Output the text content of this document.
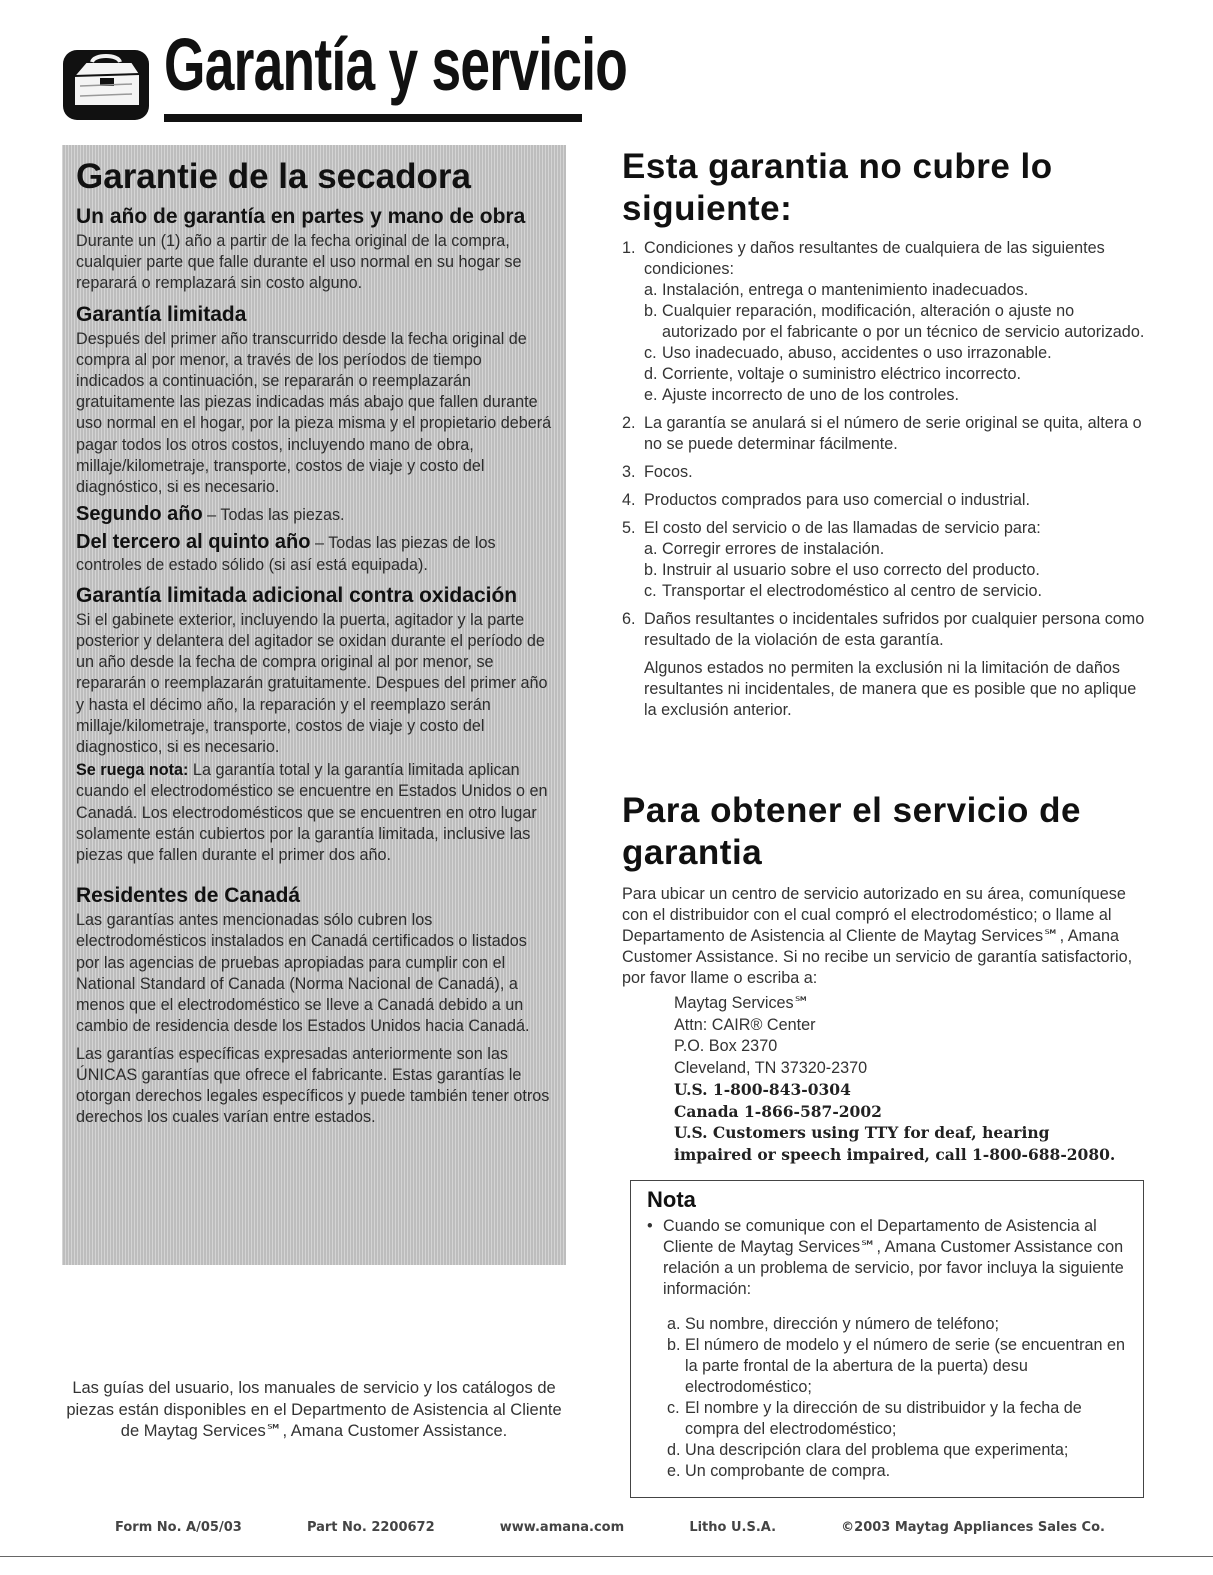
Garantía y servicio
Garantie de la secadora
Un año de garantía en partes y mano de obra

Durante un (1) año a partir de la fecha original de la compra, cualquier parte que falle durante el uso normal en su hogar se reparará o remplazará sin costo alguno.

Garantía limitada

Después del primer año transcurrido desde la fecha original de compra al por menor, a través de los períodos de tiempo indicados a continuación, se repararán o reemplazarán gratuitamente las piezas indicadas más abajo que fallen durante uso normal en el hogar, por la pieza misma y el propietario deberá pagar todos los otros costos, incluyendo mano de obra, millaje/kilometraje, transporte, costos de viaje y costo del diagnóstico, si es necesario.

Segundo año – Todas las piezas.

Del tercero al quinto año – Todas las piezas de los controles de estado sólido (si así está equipada).

Garantía limitada adicional contra oxidación

Si el gabinete exterior, incluyendo la puerta, agitador y la parte posterior y delantera del agitador se oxidan durante el período de un año desde la fecha de compra original al por menor, se repararán o reemplazarán gratuitamente. Despues del primer año y hasta el décimo año, la reparación y el reemplazo serán millaje/kilometraje, transporte, costos de viaje y costo del diagnostico, si es necesario.

Se ruega nota: La garantía total y la garantía limitada aplican cuando el electrodoméstico se encuentre en Estados Unidos o en Canadá. Los electrodomésticos que se encuentren en otro lugar solamente están cubiertos por la garantía limitada, inclusive las piezas que fallen durante el primer dos año.

Residentes de Canadá

Las garantías antes mencionadas sólo cubren los electrodomésticos instalados en Canadá certificados o listados por las agencias de pruebas apropiadas para cumplir con el National Standard of Canada (Norma Nacional de Canadá), a menos que el electrodoméstico se lleve a Canadá debido a un cambio de residencia desde los Estados Unidos hacia Canadá.

Las garantías específicas expresadas anteriormente son las ÚNICAS garantías que ofrece el fabricante. Estas garantías le otorgan derechos legales específicos y puede también tener otros derechos los cuales varían entre estados.

Las guías del usuario, los manuales de servicio y los catálogos de piezas están disponibles en el Departmento de Asistencia al Cliente de Maytag Services℠, Amana Customer Assistance.
Esta garantia no cubre lo siguiente:
1. Condiciones y daños resultantes de cualquiera de las siguientes condiciones:
a. Instalación, entrega o mantenimiento inadecuados.
b. Cualquier reparación, modificación, alteración o ajuste no autorizado por el fabricante o por un técnico de servicio autorizado.
c. Uso inadecuado, abuso, accidentes o uso irrazonable.
d. Corriente, voltaje o suministro eléctrico incorrecto.
e. Ajuste incorrecto de uno de los controles.
2. La garantía se anulará si el número de serie original se quita, altera o no se puede determinar fácilmente.
3. Focos.
4. Productos comprados para uso comercial o industrial.
5. El costo del servicio o de las llamadas de servicio para:
a. Corregir errores de instalación.
b. Instruir al usuario sobre el uso correcto del producto.
c. Transportar el electrodoméstico al centro de servicio.
6. Daños resultantes o incidentales sufridos por cualquier persona como resultado de la violación de esta garantía.

Algunos estados no permiten la exclusión ni la limitación de daños resultantes ni incidentales, de manera que es posible que no aplique la exclusión anterior.

Para obtener el servicio de garantia

Para ubicar un centro de servicio autorizado en su área, comuníquese con el distribuidor con el cual compró el electrodoméstico; o llame al Departamento de Asistencia al Cliente de Maytag Services℠, Amana Customer Assistance. Si no recibe un servicio de garantía satisfactorio, por favor llame o escriba a:

Maytag Services℠
Attn: CAIR® Center
P.O. Box 2370
Cleveland, TN 37320-2370
U.S. 1-800-843-0304
Canada 1-866-587-2002
U.S. Customers using TTY for deaf, hearing
impaired or speech impaired, call 1-800-688-2080.
Nota
• Cuando se comunique con el Departamento de Asistencia al Cliente de Maytag Services℠, Amana Customer Assistance con relación a un problema de servicio, por favor incluya la siguiente información:
a. Su nombre, dirección y número de teléfono;
b. El número de modelo y el número de serie (se encuentran en la parte frontal de la abertura de la puerta) desu electrodoméstico;
c. El nombre y la dirección de su distribuidor y la fecha de compra del electrodoméstico;
d. Una descripción clara del problema que experimenta;
e. Un comprobante de compra.
Form No. A/05/03	Part No. 2200672	www.amana.com	Litho U.S.A.	©2003 Maytag Appliances Sales Co.
